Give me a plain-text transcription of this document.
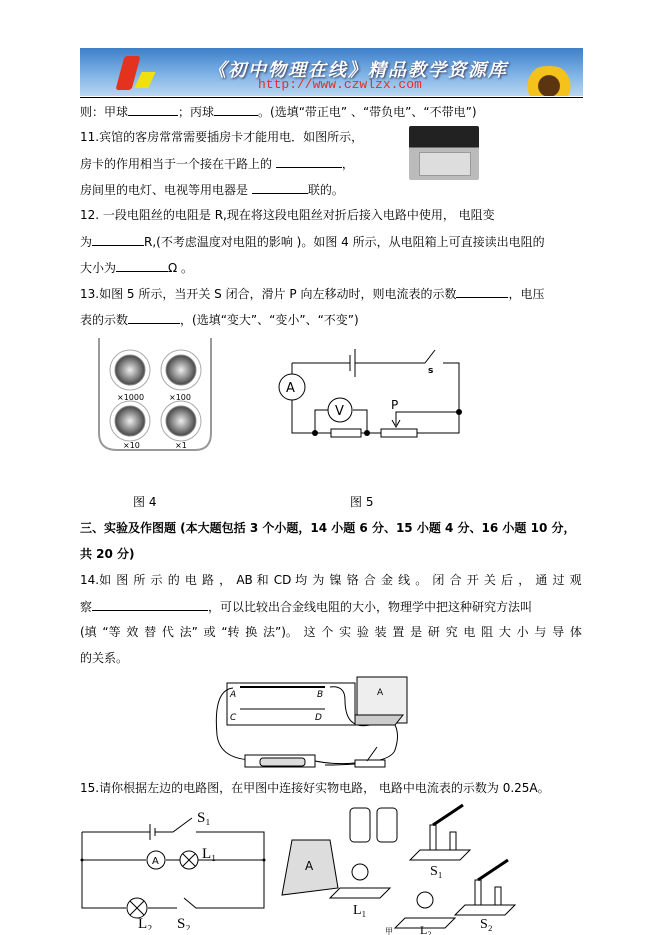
《初中物理在线》精品教学资源库
http://www.czwlzx.com
则：甲球	；丙球	。(选填“带正电” 、“带负电”、“不带电”)
11.宾馆的客房常常需要插房卡才能用电．如图所示，
房卡的作用相当于一个接在干路上的	，
房间里的电灯、电视等用电器是	联的。
12. 一段电阻丝的电阻是 R,现在将这段电阻丝对折后接入电路中使用， 电阻变
为	R,(不考虑温度对电阻的影响 )。如图 4 所示，从电阻箱上可直接读出电阻的
大小为	Ω 。
13.如图 5 所示，当开关 S 闭合，滑片 P 向左移动时，则电流表的示数	，电压
表的示数	，(选填“变大”、“变小”、“不变”)
×1000	×100
×10	×1
A
V	P
s
图 4	图 5
三、实验及作图题 (本大题包括 3 个小题，14 小题 6 分、15 小题 4 分、16 小题 10 分，
共 20 分)
14.如 图 所 示 的 电 路 ， AB 和 CD 均 为 镍 铬 合 金 线 。 闭 合 开 关 后 ， 通 过 观
察	，可以比较出合金线电阻的大小，物理学中把这种研究方法叫
(填 “等 效 替 代 法” 或 “转 换 法”)。 这 个 实 验 装 置 是 研 究 电 阻 大 小 与 导 体
的关系。
A	B
C	D
A
15.请你根据左边的电路图，在甲图中连接好实物电路， 电路中电流表的示数为 0.25A。
A
S₁
L₁
L₂ S₂
A	S₁
S₂
L₁
L₂
甲
